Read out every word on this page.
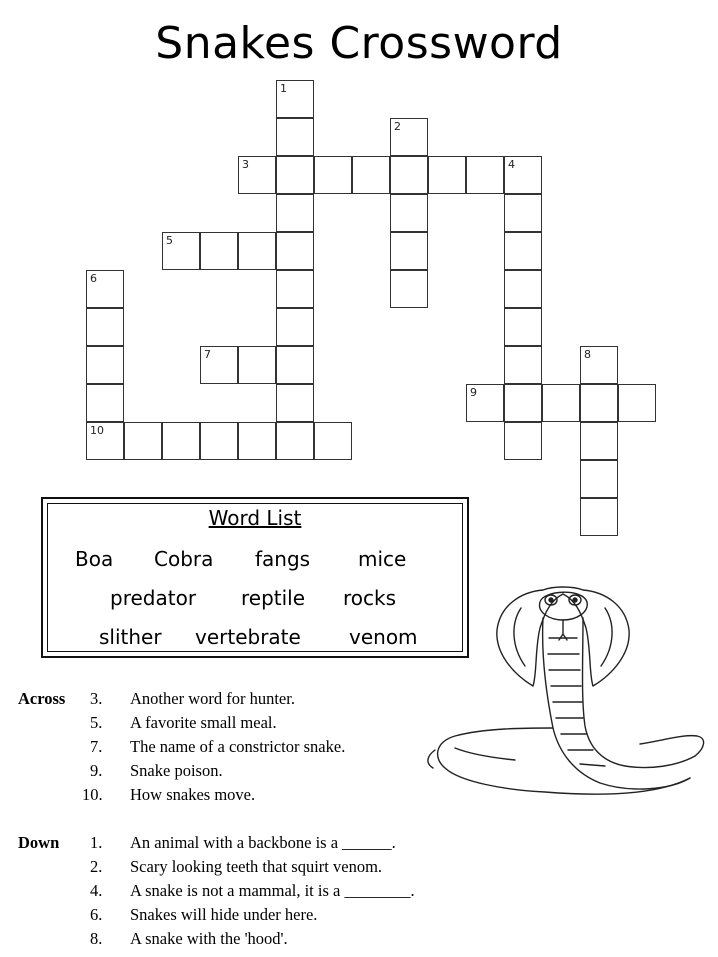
Snakes Crossword
1
2
3	4
5
6
10
7	8
9
Word List
Boa Cobra fangs mice
predator reptile rocks
slither vertebrate venom
Across 3. Another word for hunter.
5. A favorite small meal.
7. The name of a constrictor snake.
9. Snake poison.
10. How snakes move.
Down 1. An animal with a backbone is a ______.
2. Scary looking teeth that squirt venom.
4. A snake is not a mammal, it is a ________.
6. Snakes will hide under here.
8. A snake with the 'hood'.
